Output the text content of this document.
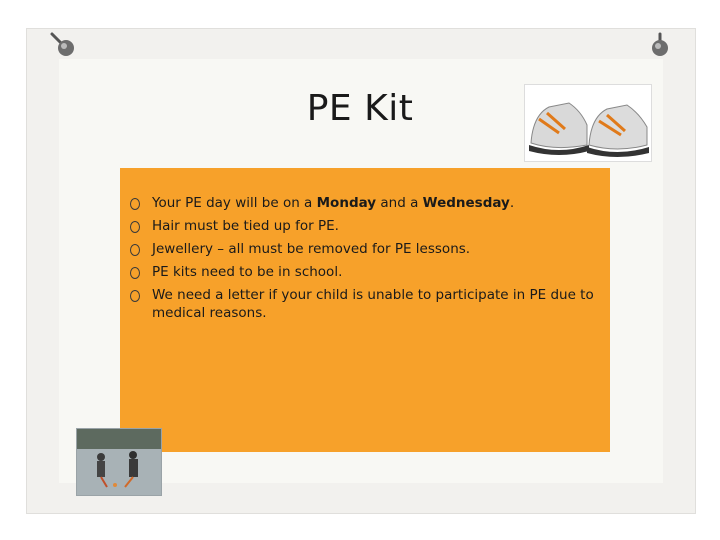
PE Kit
Your PE day will be on a Monday and a Wednesday.
Hair must be tied up for PE.
Jewellery – all must be removed for PE lessons.
PE kits need to be in school.
We need a letter if your child is unable to participate in PE due to medical reasons.
